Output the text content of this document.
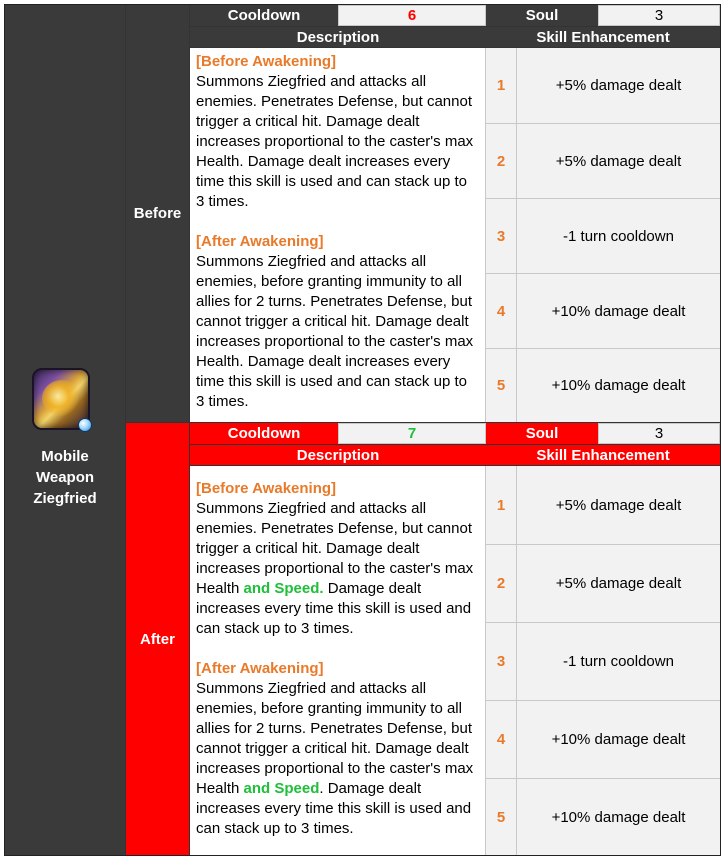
Mobile
Weapon
Ziegfried
Before
Cooldown	6	Soul	3
Description	Skill Enhancement
[Before Awakening]
Summons Ziegfried and attacks all enemies. Penetrates Defense, but cannot trigger a critical hit. Damage dealt increases proportional to the caster's max Health. Damage dealt increases every time this skill is used and can stack up to 3 times.
[After Awakening]
Summons Ziegfried and attacks all enemies, before granting immunity to all allies for 2 turns. Penetrates Defense, but cannot trigger a critical hit. Damage dealt increases proportional to the caster's max Health. Damage dealt increases every time this skill is used and can stack up to 3 times.
1	+5% damage dealt
2	+5% damage dealt
3	-1 turn cooldown
4	+10% damage dealt
5	+10% damage dealt
After
Cooldown	7	Soul	3
Description	Skill Enhancement
[Before Awakening]
Summons Ziegfried and attacks all enemies. Penetrates Defense, but cannot trigger a critical hit. Damage dealt increases proportional to the caster's max Health and Speed. Damage dealt increases every time this skill is used and can stack up to 3 times.
[After Awakening]
Summons Ziegfried and attacks all enemies, before granting immunity to all allies for 2 turns. Penetrates Defense, but cannot trigger a critical hit. Damage dealt increases proportional to the caster's max Health and Speed. Damage dealt increases every time this skill is used and can stack up to 3 times.
1	+5% damage dealt
2	+5% damage dealt
3	-1 turn cooldown
4	+10% damage dealt
5	+10% damage dealt
